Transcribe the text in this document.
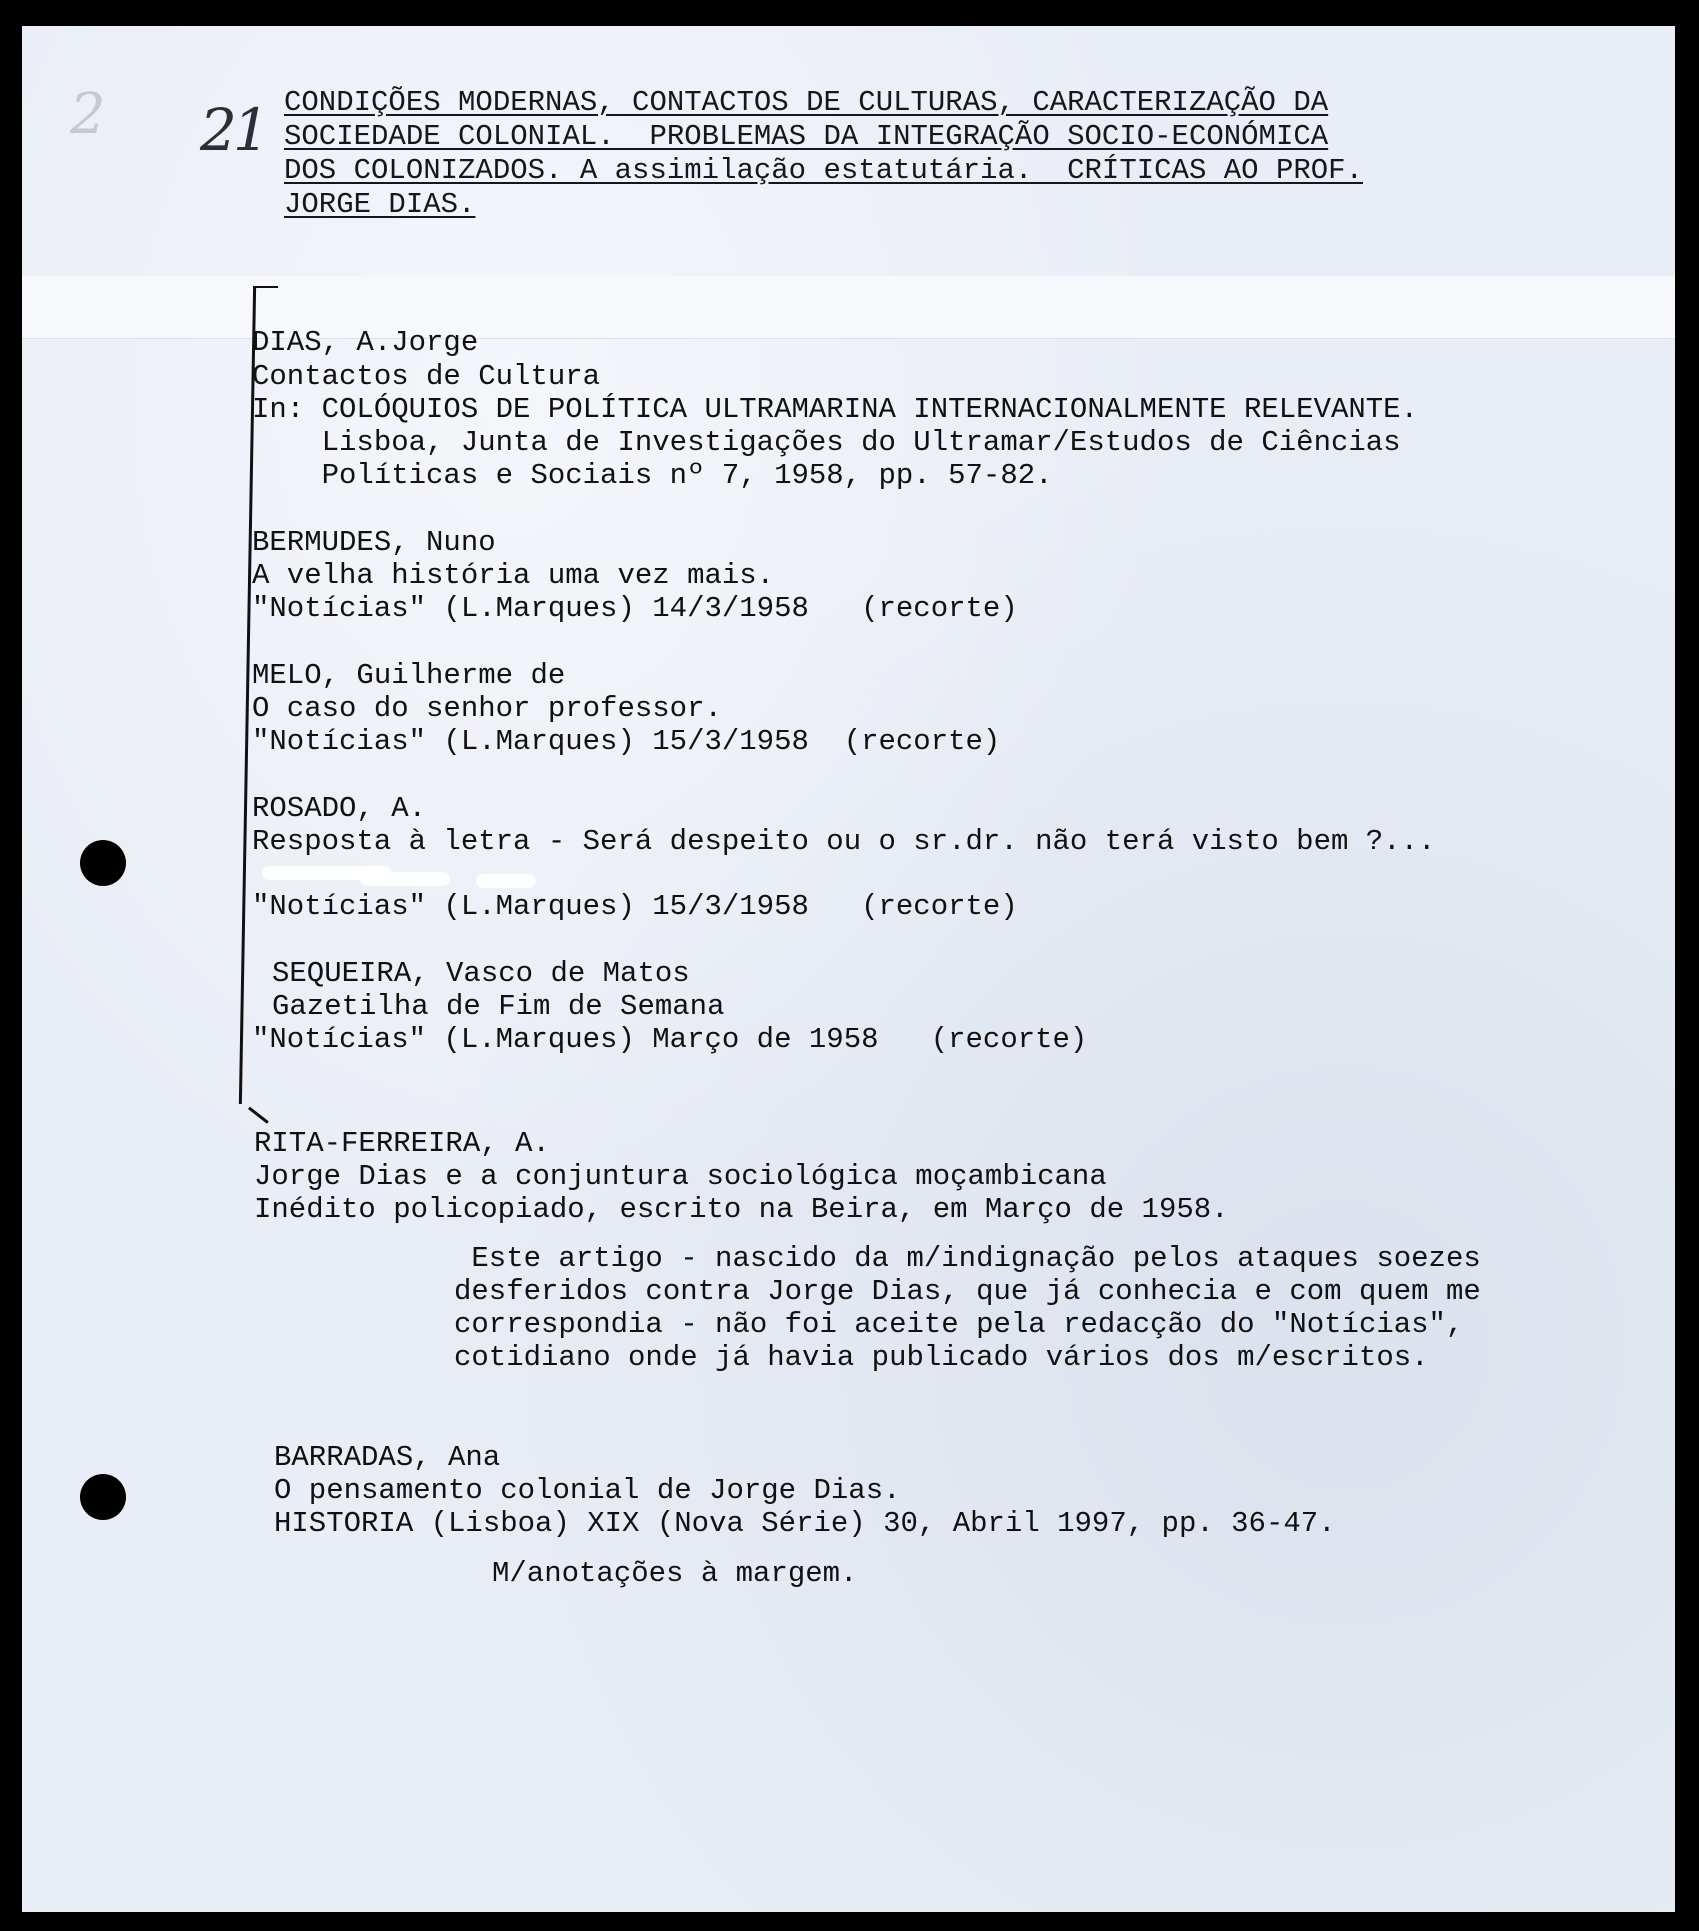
2 21 CONDIÇÕES MODERNAS, CONTACTOS DE CULTURAS, CARACTERIZAÇÃO DA
SOCIEDADE COLONIAL.  PROBLEMAS DA INTEGRAÇÃO SOCIO-ECONÓMICA
DOS COLONIZADOS. A assimilação estatutária.  CRÍTICAS AO PROF.
JORGE DIAS.
DIAS, A.Jorge
Contactos de Cultura
In: COLÓQUIOS DE POLÍTICA ULTRAMARINA INTERNACIONALMENTE RELEVANTE.
Lisboa, Junta de Investigações do Ultramar/Estudos de Ciências
Políticas e Sociais nº 7, 1958, pp. 57-82.
BERMUDES, Nuno
A velha história uma vez mais.
"Notícias" (L.Marques) 14/3/1958   (recorte)
MELO, Guilherme de
O caso do senhor professor.
"Notícias" (L.Marques) 15/3/1958  (recorte)
ROSADO, A.
Resposta à letra - Será despeito ou o sr.dr. não terá visto bem ?...
"Notícias" (L.Marques) 15/3/1958   (recorte)
SEQUEIRA, Vasco de Matos
Gazetilha de Fim de Semana
"Notícias" (L.Marques) Março de 1958   (recorte)
RITA-FERREIRA, A.
Jorge Dias e a conjuntura sociológica moçambicana
Inédito policopiado, escrito na Beira, em Março de 1958.
Este artigo - nascido da m/indignação pelos ataques soezes
desferidos contra Jorge Dias, que já conhecia e com quem me
correspondia - não foi aceite pela redacção do "Notícias",
cotidiano onde já havia publicado vários dos m/escritos.
BARRADAS, Ana
O pensamento colonial de Jorge Dias.
HISTORIA (Lisboa) XIX (Nova Série) 30, Abril 1997, pp. 36-47.
M/anotações à margem.
